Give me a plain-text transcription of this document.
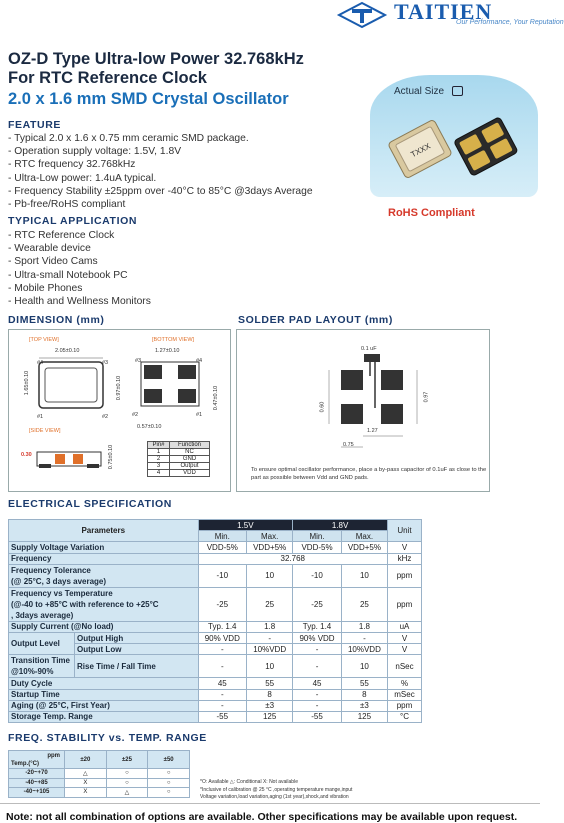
TAITIEN
Our Performance, Your Reputation
OZ-D Type Ultra-low Power 32.768kHz
For RTC Reference Clock
2.0 x 1.6 mm SMD Crystal Oscillator
FEATURE
- Typical 2.0 x 1.6 x 0.75 mm ceramic SMD package.
- Operation supply voltage: 1.5V, 1.8V
- RTC frequency 32.768kHz
- Ultra-Low power: 1.4uA typical.
- Frequency Stability ±25ppm over -40°C to 85°C @3days Average
- Pb-free/RoHS compliant
TYPICAL APPLICATION
- RTC Reference Clock
- Wearable device
- Sport Video Cams
- Ultra-small Notebook PC
- Mobile Phones
- Health and Wellness Monitors
Actual Size
TXXX
RoHS Compliant
DIMENSION (mm)	SOLDER PAD LAYOUT (mm)
[TOP VIEW]	[BOTTOM VIEW]
[SIDE VIEW]
2.05±0.10
1.65±0.10
#4	#3
#1	#2
1.27±0.10
#3	#4
#2	#1
0.97±0.10	0.47±0.10
0.57±0.10
0.30	0.75±0.10	Pin#	Function
1	NC
2	GND
3	Output
4	VDD
0.1 uF
0.60
0.97
1.27
0.75
To ensure optimal oscillator performance, place a by-pass capacitor of 0.1uF as close to the part as possible between Vdd and GND pads.
ELECTRICAL SPECIFICATION
Parameters		1.5V		1.8V		Unit
		Min.	Max.	Min.	Max.	
Supply Voltage Variation		VDD-5%	VDD+5%	VDD-5%	VDD+5%	V
Frequency		32.768				kHz

Frequency Tolerance
(@ 25°C, 3 days average)		-10	10	-10	10	ppm

Frequency vs Temperature
(@-40 to +85°C with reference to +25°C
, 3days average)		-25	25	-25	25	ppm
Supply Current (@No load)		Typ. 1.4	1.8	Typ. 1.4	1.8	uA
Output Level	Output High	90% VDD	-	90% VDD	-	V
	Output Low	-	10%VDD	-	10%VDD	V

Transition Time
@10%-90%	Rise Time / Fall Time	-	10	-	10	nSec
Duty Cycle		45	55	45	55	%
Startup Time		-	8	-	8	mSec
Aging (@ 25°C, First Year)		-	±3	-	±3	ppm
Storage Temp. Range		-55	125	-55	125	°C
FREQ. STABILITY vs. TEMP. RANGE
ppm
Temp.(°C)	±20	±25	±50
-20~+70	△	○	○
-40~+85	X	○	○
-40~+105	X	△	○
*O: Available △: Conditional X: Not available
*Inclusive of calibration @ 25 °C ,operating temperature mange,input
Voltage variation,load variation,aging (1st year),shock,and vibration
Note: not all combination of options are available. Other specifications may be available upon request.
